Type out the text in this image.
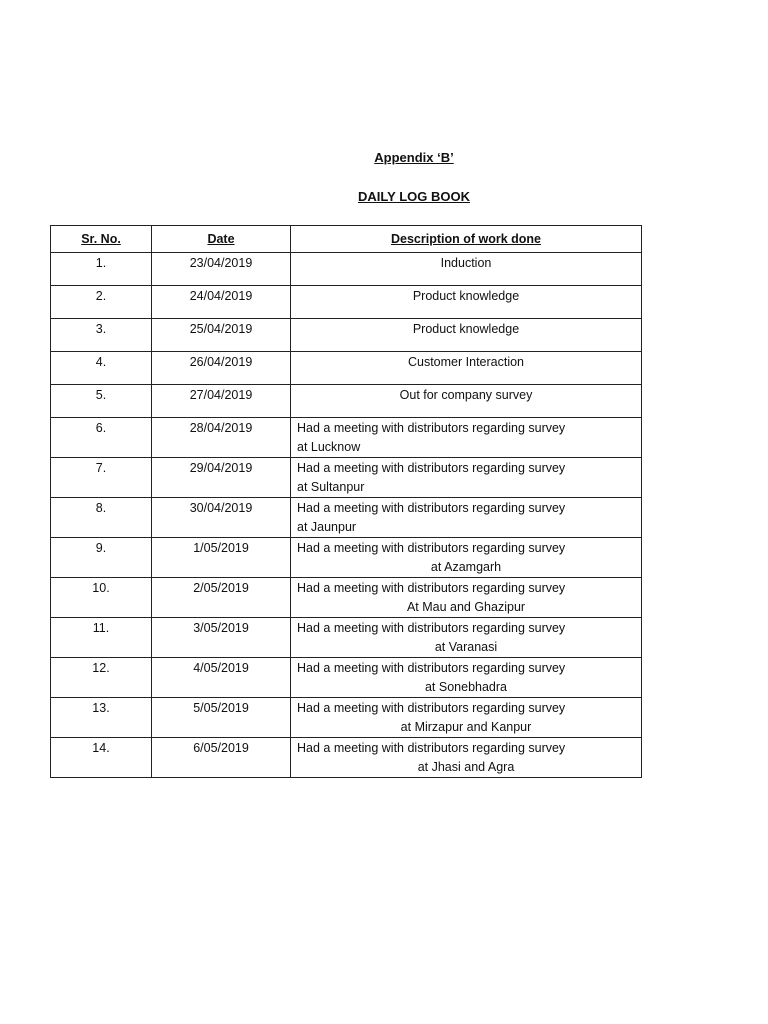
Appendix ‘B’
DAILY LOG BOOK
Sr. No.	Date	Description of work done
1.	23/04/2019	Induction

2.	24/04/2019	Product knowledge

3.	25/04/2019	Product knowledge

4.	26/04/2019	Customer Interaction

5.	27/04/2019	Out for company survey

6.	28/04/2019	Had a meeting with distributors regarding survey
at Lucknow

7.	29/04/2019	Had a meeting with distributors regarding survey
at Sultanpur

8.	30/04/2019	Had a meeting with distributors regarding survey
at Jaunpur

9.	1/05/2019	Had a meeting with distributors regarding survey
at Azamgarh

10.	2/05/2019	Had a meeting with distributors regarding survey
At Mau and Ghazipur

11.	3/05/2019	Had a meeting with distributors regarding survey
at Varanasi

12.	4/05/2019	Had a meeting with distributors regarding survey
at Sonebhadra

13.	5/05/2019	Had a meeting with distributors regarding survey
at Mirzapur and Kanpur

14.	6/05/2019	Had a meeting with distributors regarding survey
at Jhasi and Agra
